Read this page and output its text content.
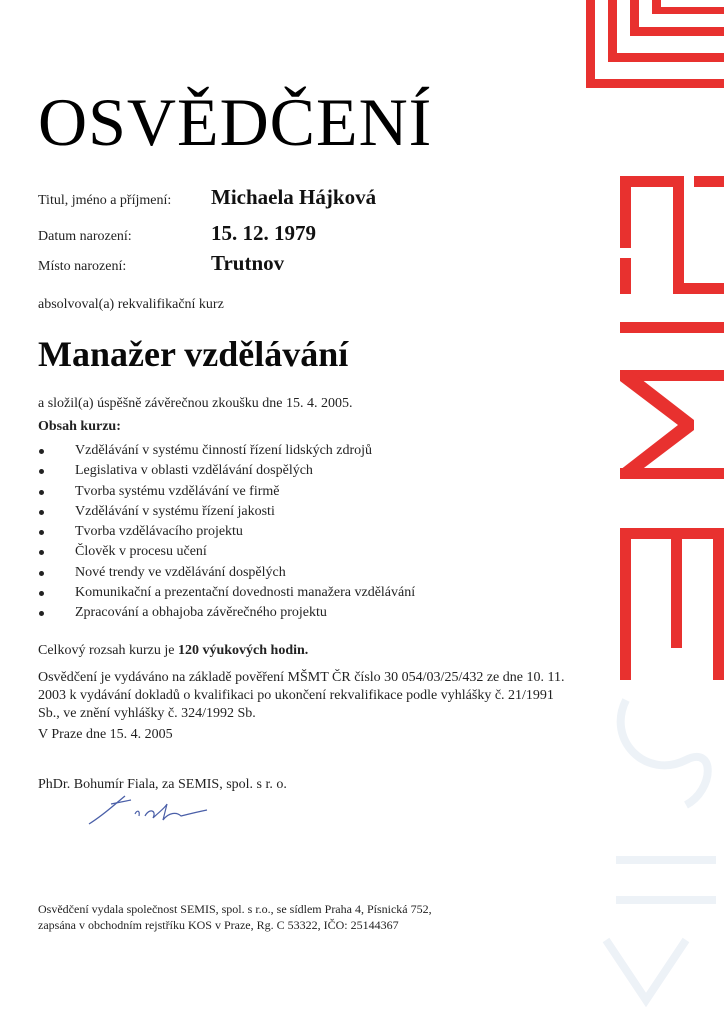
OSVĚDČENÍ
Titul, jméno a příjmení: Michaela Hájková
Datum narození:	15. 12. 1979
Místo narození:	Trutnov
absolvoval(a) rekvalifikační kurz
Manažer vzdělávání
a složil(a) úspěšně závěrečnou zkoušku dne 15. 4. 2005.
Obsah kurzu:
Vzdělávání v systému činností řízení lidských zdrojů
Legislativa v oblasti vzdělávání dospělých
Tvorba systému vzdělávání ve firmě
Vzdělávání v systému řízení jakosti
Tvorba vzdělávacího projektu
Člověk v procesu učení
Nové trendy ve vzdělávání dospělých
Komunikační a prezentační dovednosti manažera vzdělávání
Zpracování a obhajoba závěrečného projektu
Celkový rozsah kurzu je 120 výukových hodin.
Osvědčení je vydáváno na základě pověření MŠMT ČR číslo 30 054/03/25/432 ze dne 10. 11. 2003 k vydávání dokladů o kvalifikaci po ukončení rekvalifikace podle vyhlášky č. 21/1991 Sb., ve znění vyhlášky č. 324/1992 Sb.
V Praze dne 15. 4. 2005
PhDr. Bohumír Fiala, za SEMIS, spol. s r. o.
Osvědčení vydala společnost SEMIS, spol. s r.o., se sídlem Praha 4, Písnická 752,
zapsána v obchodním rejstříku KOS v Praze, Rg. C 53322, IČO: 25144367
